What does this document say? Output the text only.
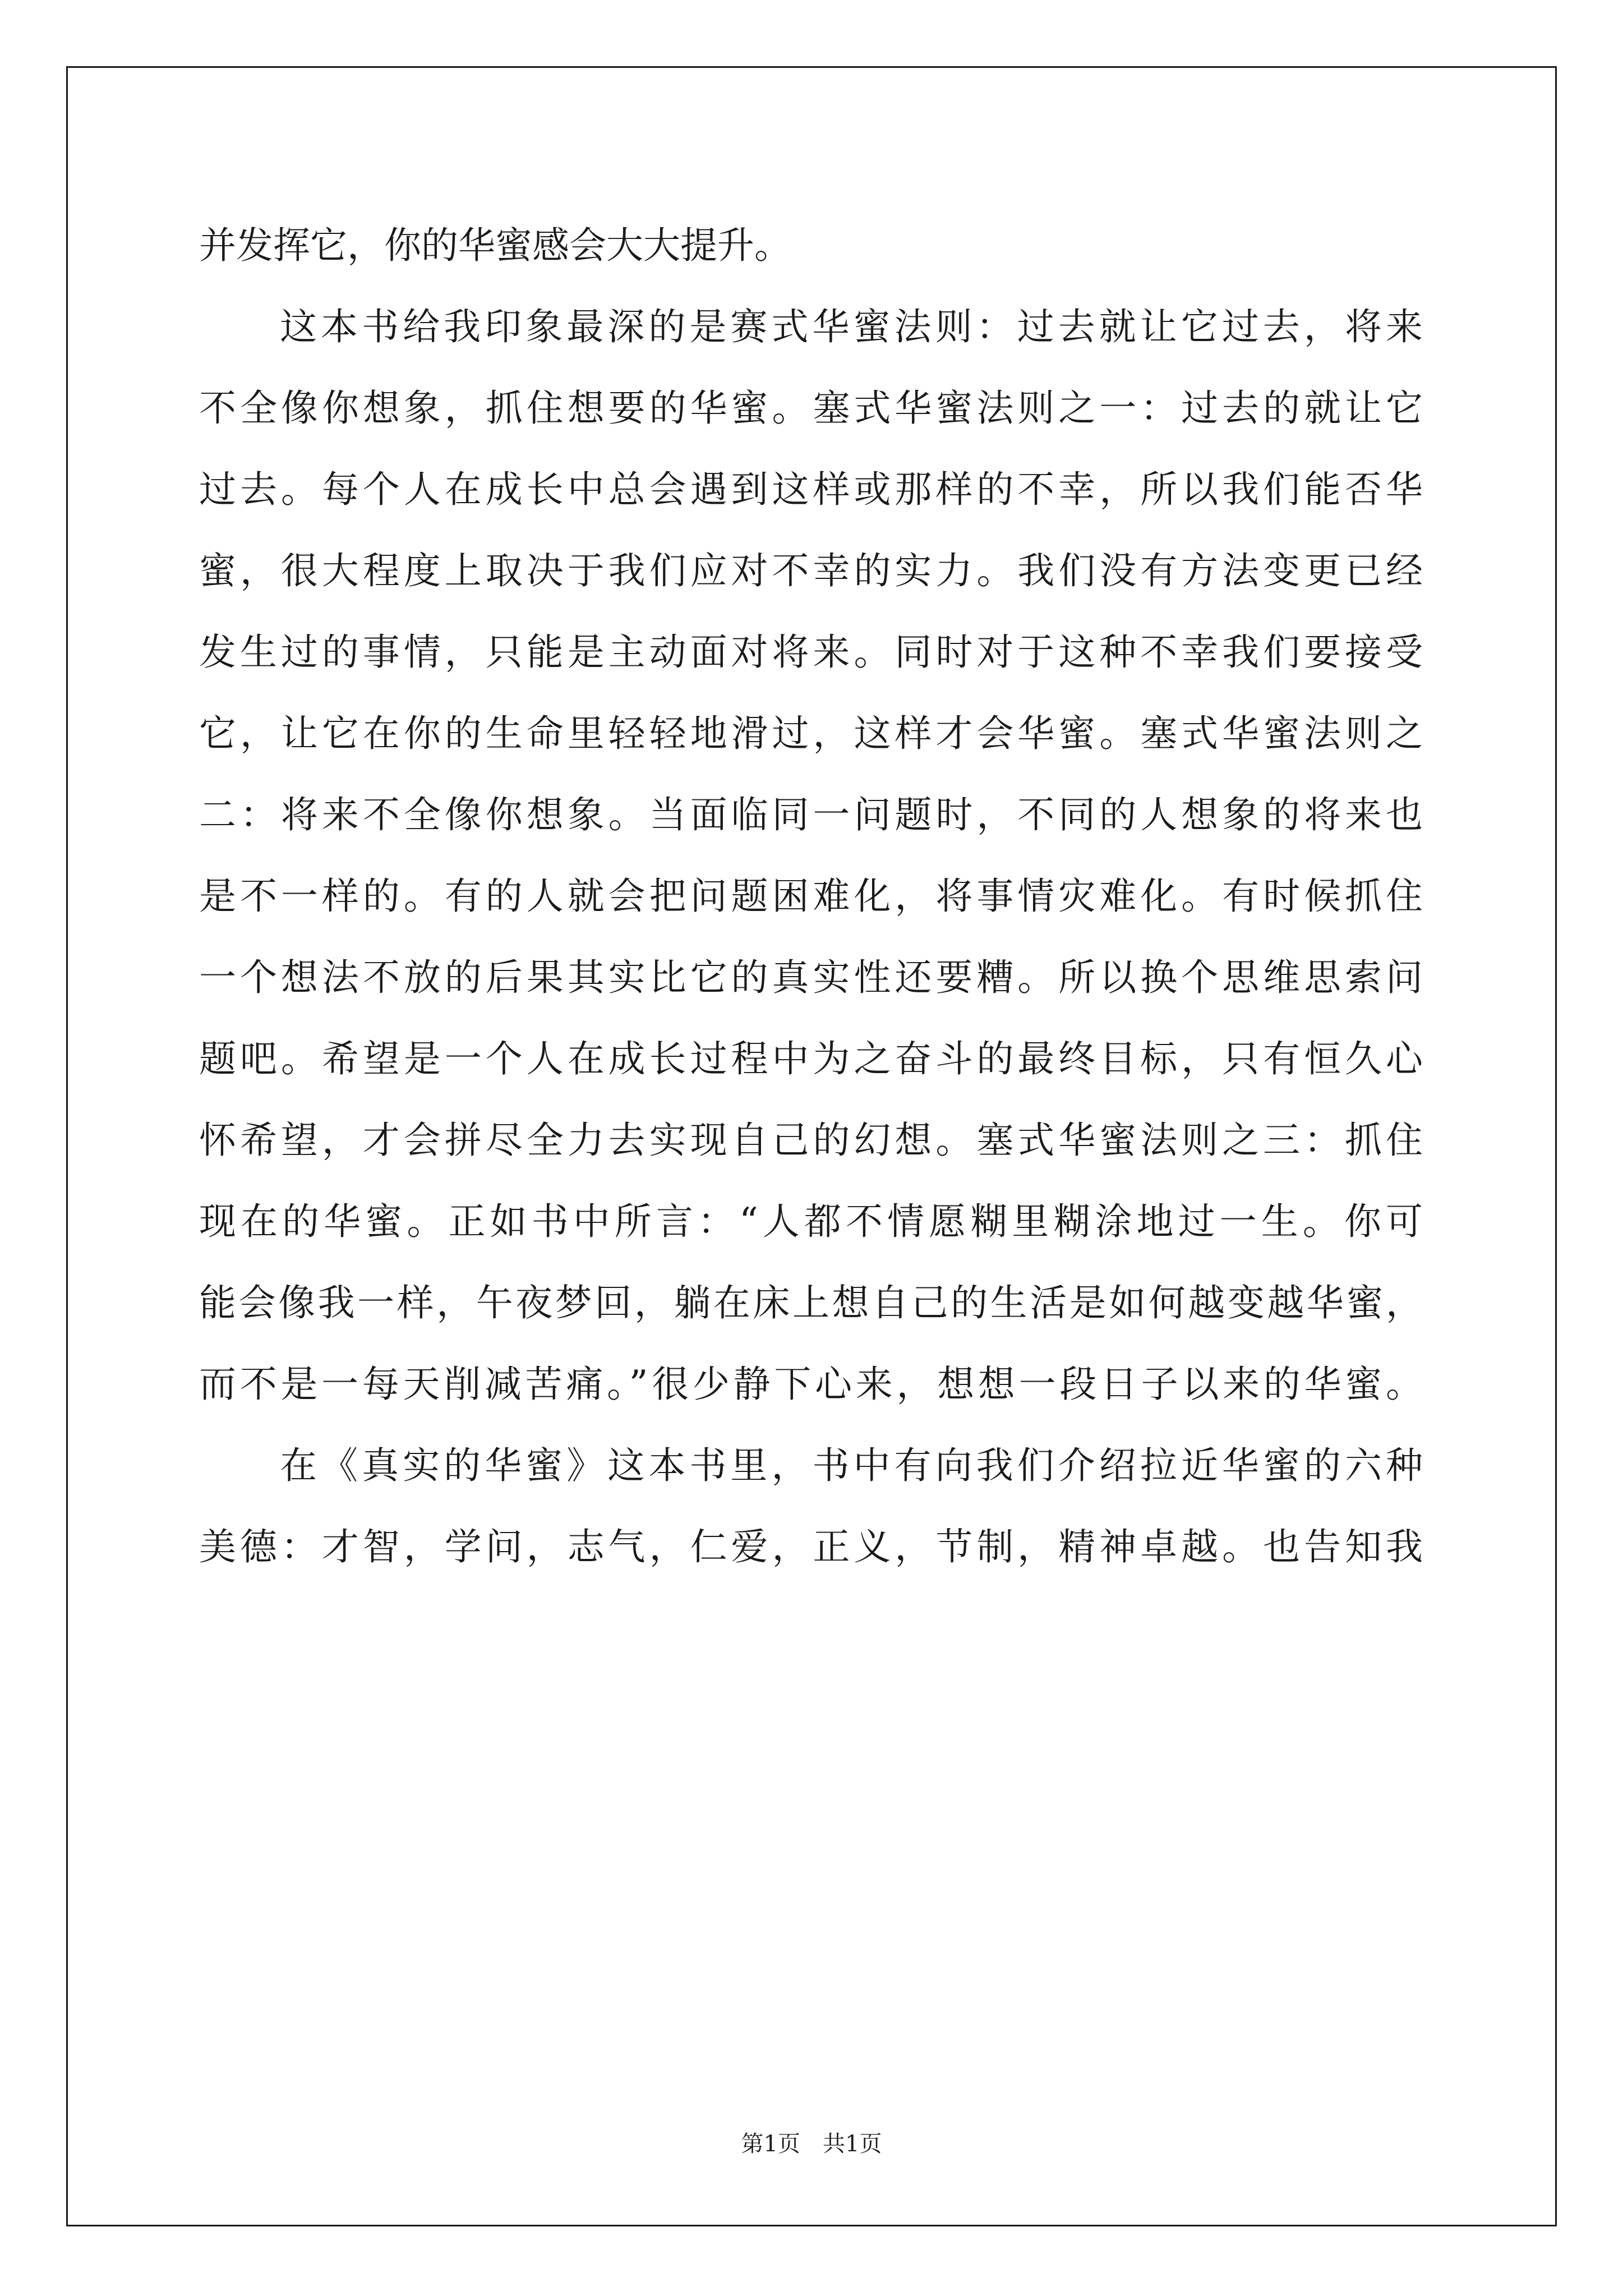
并发挥它，你的华蜜感会大大提升。
这本书给我印象最深的是赛式华蜜法则：过去就让它过去，将来
不全像你想象，抓住想要的华蜜。塞式华蜜法则之一：过去的就让它
过去。每个人在成长中总会遇到这样或那样的不幸，所以我们能否华
蜜，很大程度上取决于我们应对不幸的实力。我们没有方法变更已经
发生过的事情，只能是主动面对将来。同时对于这种不幸我们要接受
它，让它在你的生命里轻轻地滑过，这样才会华蜜。塞式华蜜法则之
二：将来不全像你想象。当面临同一问题时，不同的人想象的将来也
是不一样的。有的人就会把问题困难化，将事情灾难化。有时候抓住
一个想法不放的后果其实比它的真实性还要糟。所以换个思维思索问
题吧。希望是一个人在成长过程中为之奋斗的最终目标，只有恒久心
怀希望，才会拼尽全力去实现自己的幻想。塞式华蜜法则之三：抓住
现在的华蜜。正如书中所言：“人都不情愿糊里糊涂地过一生。你可
能会像我一样，午夜梦回，躺在床上想自己的生活是如何越变越华蜜，
而不是一每天削减苦痛。”很少静下心来，想想一段日子以来的华蜜。
在《真实的华蜜》这本书里，书中有向我们介绍拉近华蜜的六种
美德：才智，学问，志气，仁爱，正义，节制，精神卓越。也告知我
第1页　共1页
